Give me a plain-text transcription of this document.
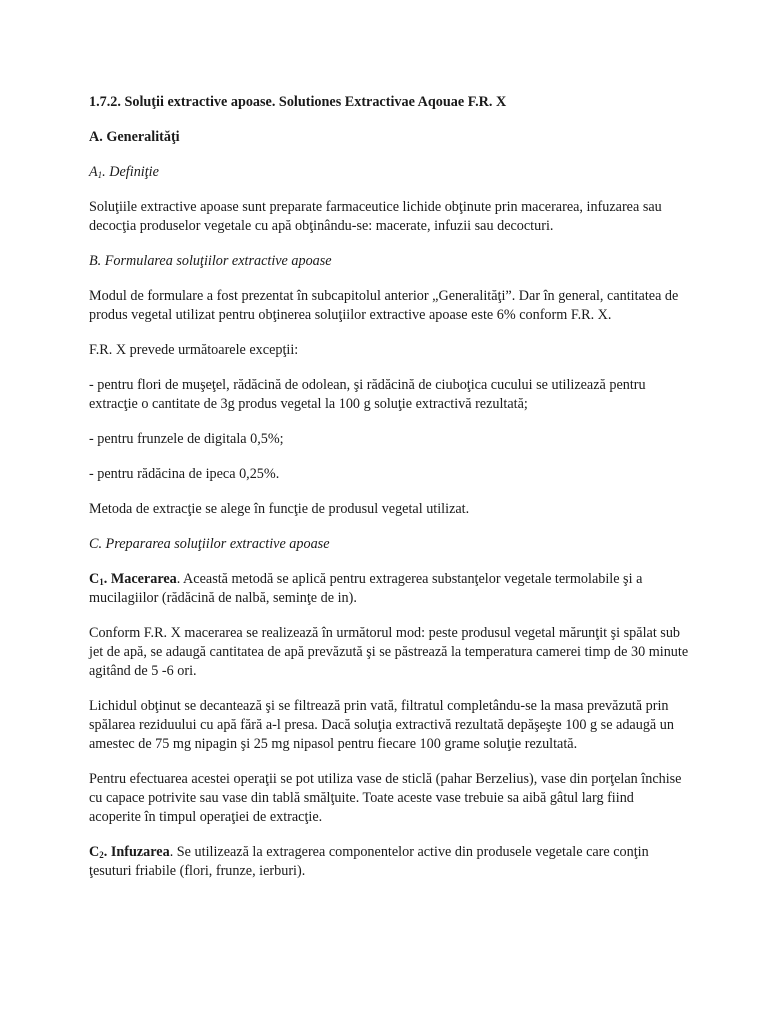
1.7.2. Soluţii extractive apoase. Solutiones Extractivae Aqouae F.R. X

A. Generalităţi

$A_1$. Definiţie

Soluţiile extractive apoase sunt preparate farmaceutice lichide obţinute prin macerarea, infuzarea sau decocţia produselor vegetale cu apă obţinându-se: macerate, infuzii sau decocturi.

B. Formularea soluţiilor extractive apoase

Modul de formulare a fost prezentat în subcapitolul anterior „Generalităţi”. Dar în general, cantitatea de produs vegetal utilizat pentru obţinerea soluţiilor extractive apoase este 6% conform F.R. X.

F.R. X prevede următoarele excepţii:

- pentru flori de muşeţel, rădăcină de odolean, şi rădăcină de ciuboţica cucului se utilizează pentru extracţie o cantitate de 3g produs vegetal la 100 g soluţie extractivă rezultată;

- pentru frunzele de digitala 0,5%;

- pentru rădăcina de ipeca 0,25%.

Metoda de extracţie se alege în funcţie de produsul vegetal utilizat.

C. Prepararea soluţiilor extractive apoase

$C_1$. Macerarea. Această metodă se aplică pentru extragerea substanţelor vegetale termolabile şi a mucilagiilor (rădăcină de nalbă, seminţe de in).

Conform F.R. X macerarea se realizează în următorul mod: peste produsul vegetal mărunţit şi spălat sub jet de apă, se adaugă cantitatea de apă prevăzută şi se păstrează la temperatura camerei timp de 30 minute agitând de 5 -6 ori.

Lichidul obţinut se decantează şi se filtrează prin vată, filtratul completându-se la masa prevăzută prin spălarea reziduului cu apă fără a-l presa. Dacă soluţia extractivă rezultată depăşeşte 100 g se adaugă un amestec de 75 mg nipagin şi 25 mg nipasol pentru fiecare 100 grame soluţie rezultată.

Pentru efectuarea acestei operaţii se pot utiliza vase de sticlă (pahar Berzelius), vase din porţelan închise cu capace potrivite sau vase din tablă smălţuite. Toate aceste vase trebuie sa aibă gâtul larg fiind acoperite în timpul operaţiei de extracţie.

$C_2$. Infuzarea. Se utilizează la extragerea componentelor active din produsele vegetale care conţin ţesuturi friabile (flori, frunze, ierburi).
